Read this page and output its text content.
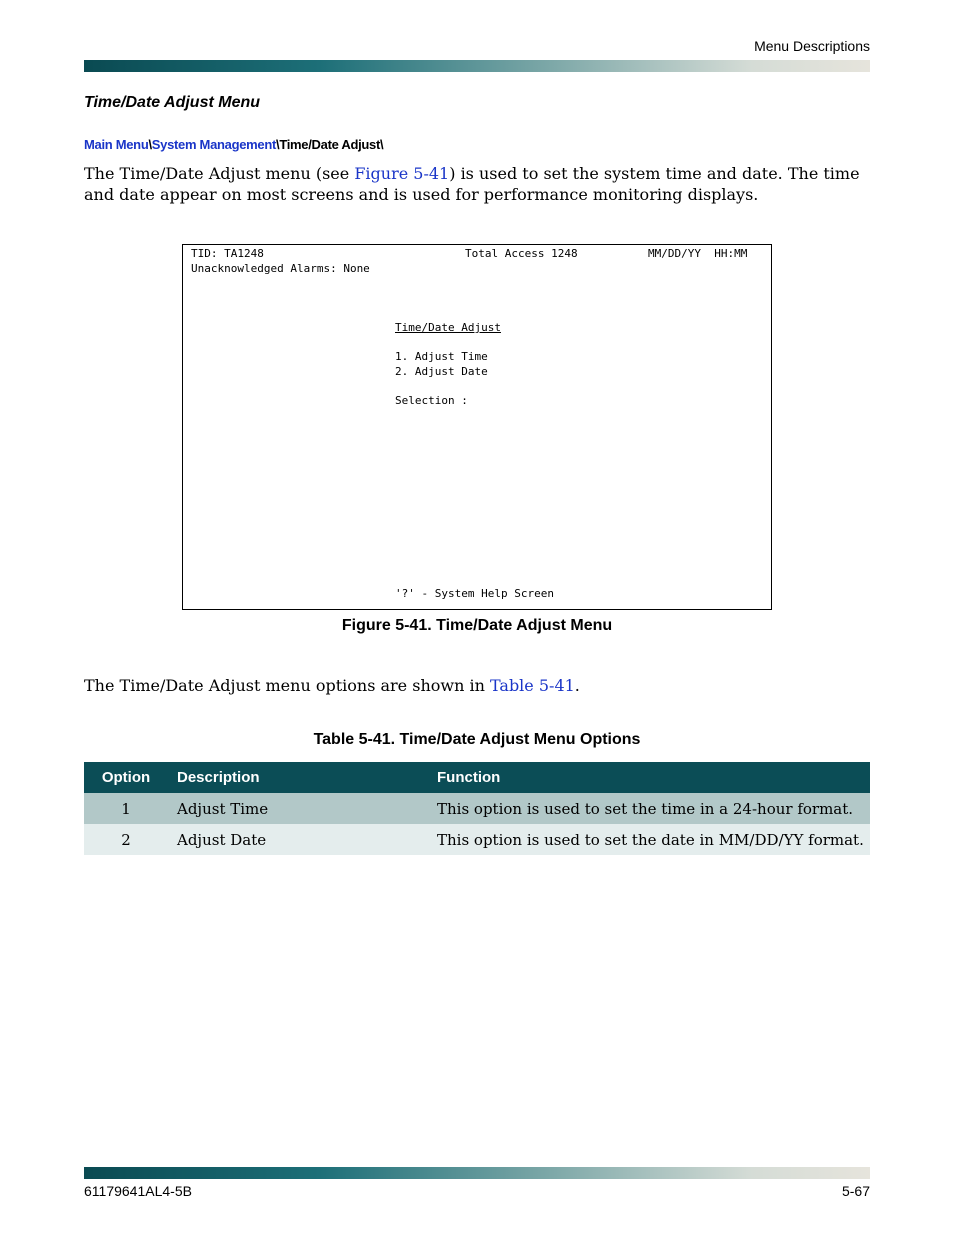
Menu Descriptions
Time/Date Adjust Menu
Main Menu\System Management\Time/Date Adjust\

The Time/Date Adjust menu (see Figure 5-41) is used to set the system time and date. The time and date appear on most screens and is used for performance monitoring displays.

TID: TA1248	Total Access 1248	MM/DD/YY  HH:MM
Unacknowledged Alarms: None
Time/Date Adjust
1. Adjust Time
2. Adjust Date
Selection :
'?' - System Help Screen
Figure 5-41. Time/Date Adjust Menu

The Time/Date Adjust menu options are shown in Table 5-41.

Table 5-41. Time/Date Adjust Menu Options
Option	Description	Function
1	Adjust Time	This option is used to set the time in a 24-hour format.
2	Adjust Date	This option is used to set the date in MM/DD/YY format.
61179641AL4-5B	5-67
